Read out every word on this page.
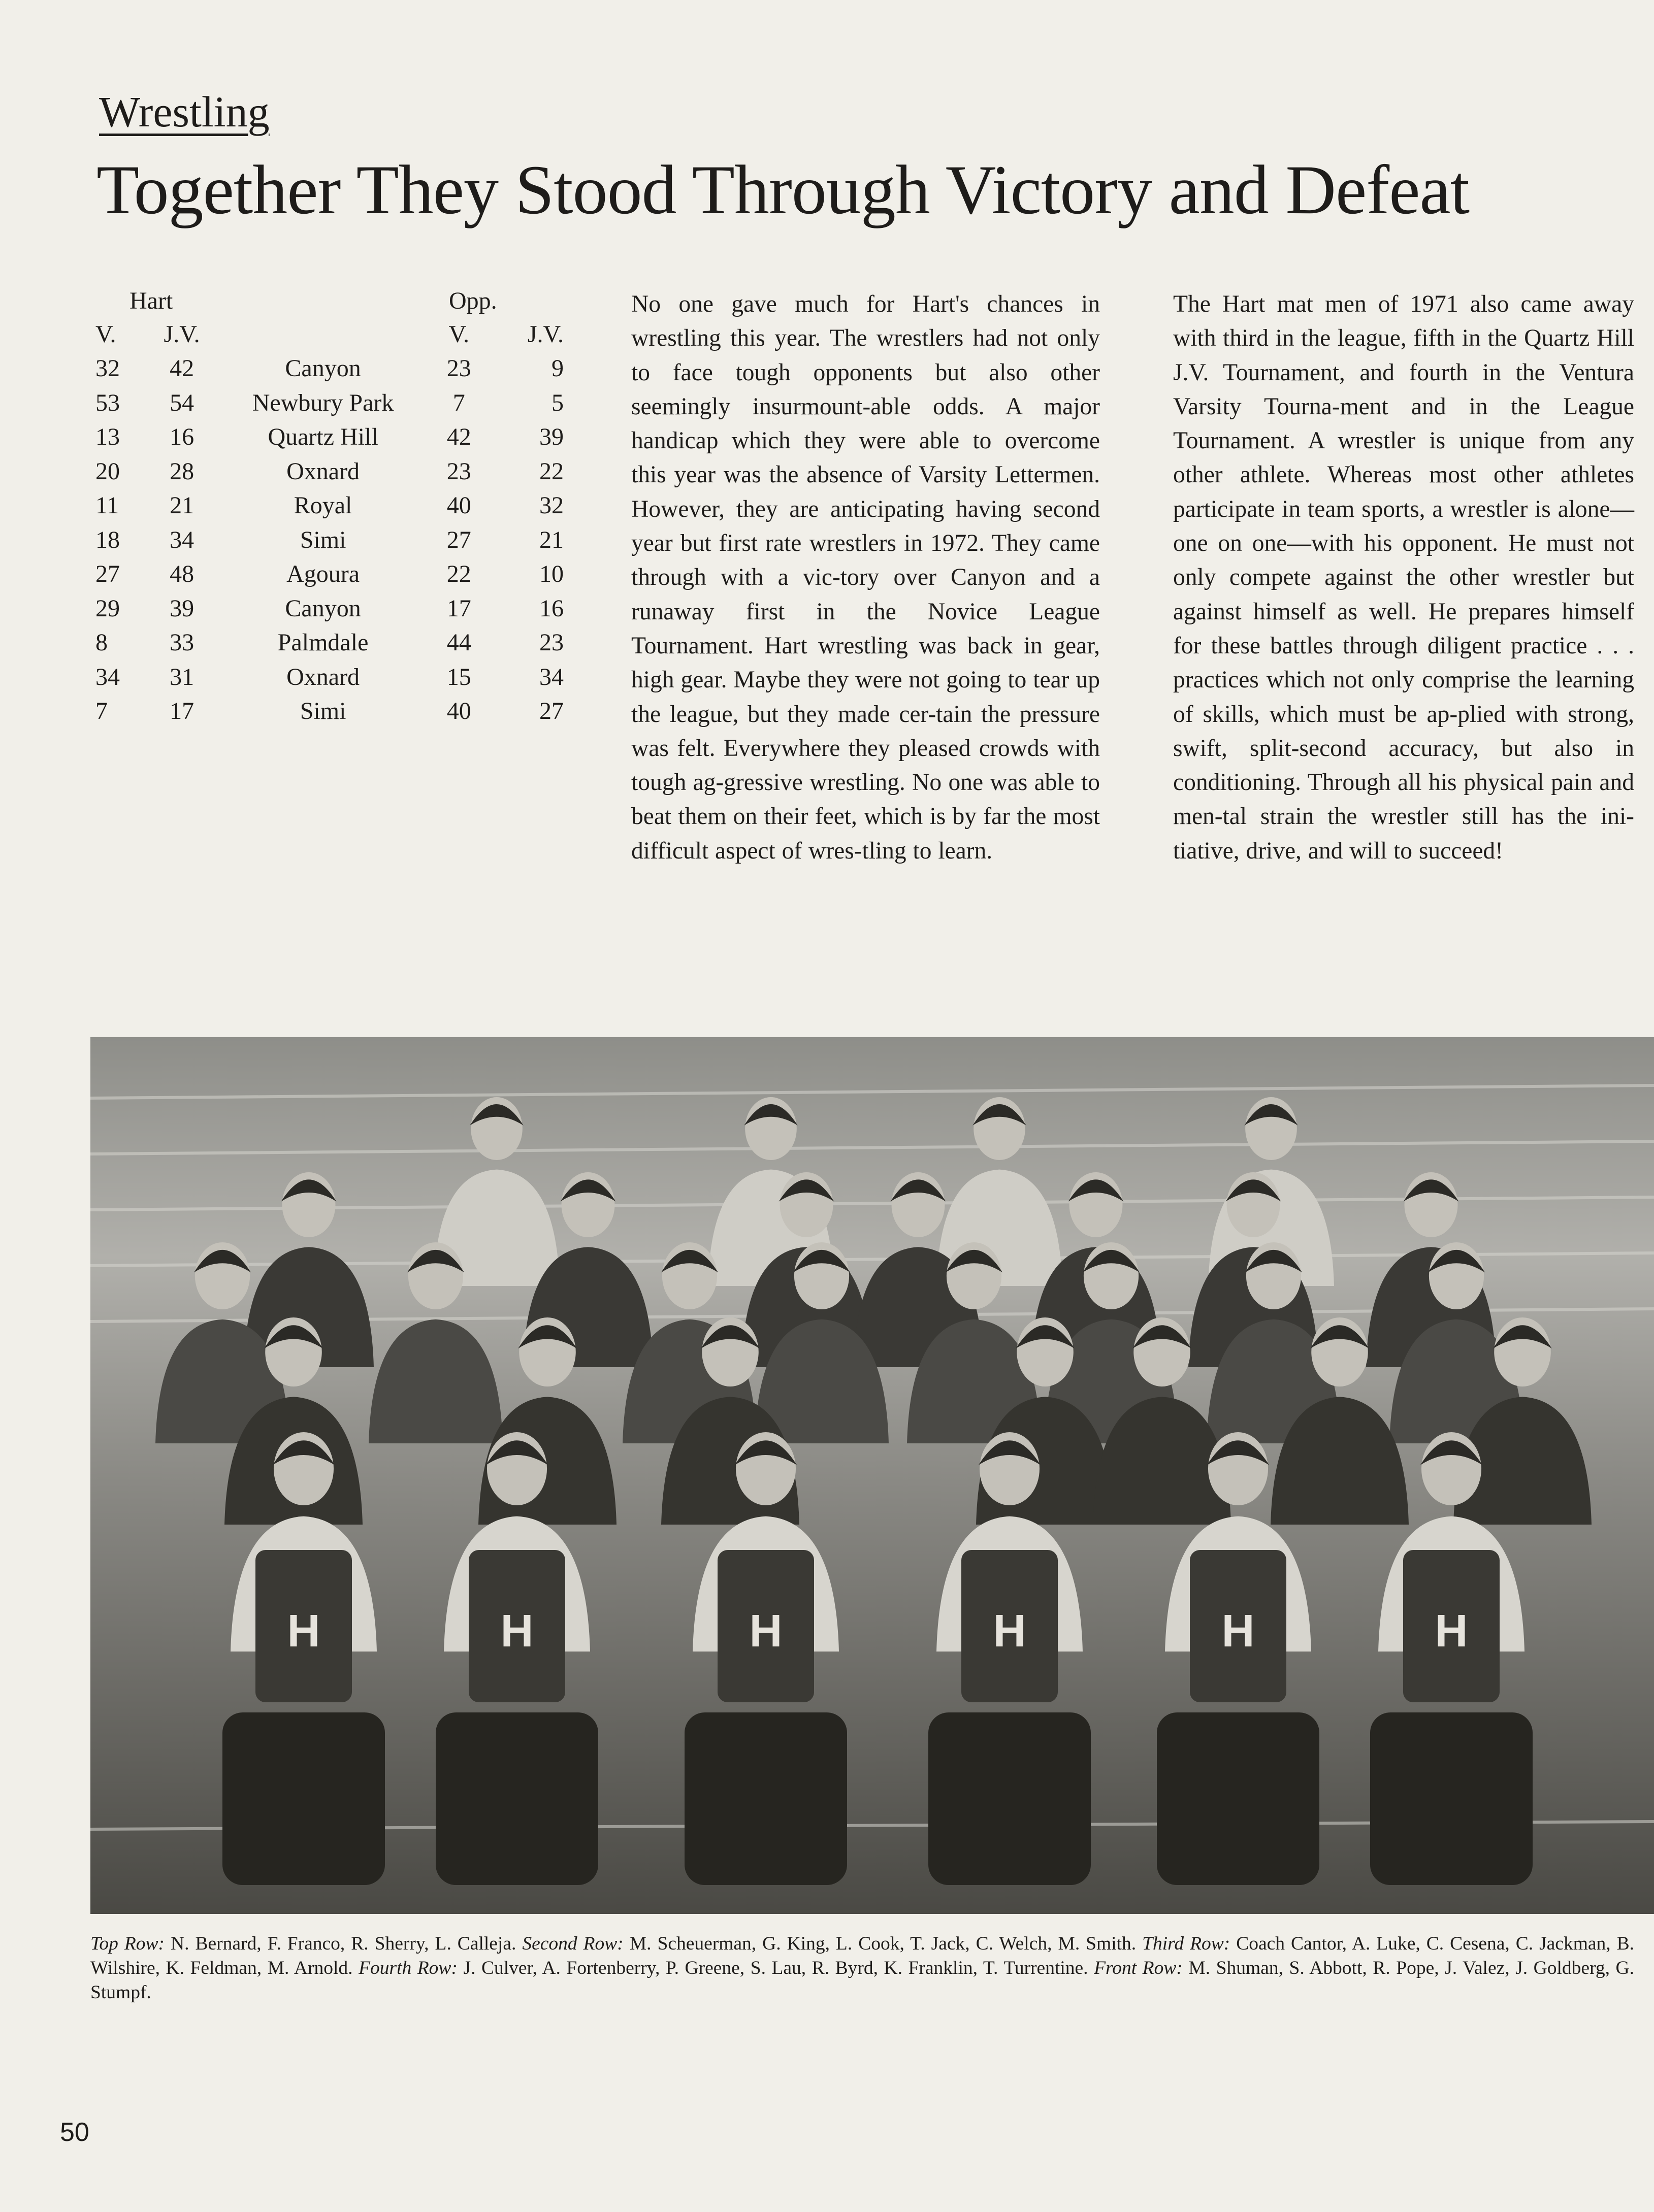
Wrestling
Together They Stood Through Victory and Defeat
Hart			Opp.	
V.	J.V.		V.	J.V.
32	42	Canyon	23	9
53	54	Newbury Park	7	5
13	16	Quartz Hill	42	39
20	28	Oxnard	23	22
11	21	Royal	40	32
18	34	Simi	27	21
27	48	Agoura	22	10
29	39	Canyon	17	16
8	33	Palmdale	44	23
34	31	Oxnard	15	34
7	17	Simi	40	27
No one gave much for Hart's chances in wrestling this year. The wrestlers had not only to face tough opponents but also other seemingly insurmount-able odds. A major handicap which they were able to overcome this year was the absence of Varsity Lettermen. However, they are anticipating having second year but first rate wrestlers in 1972. They came through with a vic-tory over Canyon and a runaway first in the Novice League Tournament. Hart wrestling was back in gear, high gear. Maybe they were not going to tear up the league, but they made cer-tain the pressure was felt. Everywhere they pleased crowds with tough ag-gressive wrestling. No one was able to beat them on their feet, which is by far the most difficult aspect of wres-tling to learn.
The Hart mat men of 1971 also came away with third in the league, fifth in the Quartz Hill J.V. Tournament, and fourth in the Ventura Varsity Tourna-ment and in the League Tournament. A wrestler is unique from any other athlete. Whereas most other athletes participate in team sports, a wrestler is alone—one on one—with his opponent. He must not only compete against the other wrestler but against himself as well. He prepares himself for these battles through diligent practice . . . practices which not only comprise the learning of skills, which must be ap-plied with strong, swift, split-second accuracy, but also in conditioning. Through all his physical pain and men-tal strain the wrestler still has the ini-tiative, drive, and will to succeed!
H	H	H	H	H	H
Top Row: N. Bernard, F. Franco, R. Sherry, L. Calleja. Second Row: M. Scheuerman, G. King, L. Cook, T. Jack, C. Welch, M. Smith. Third Row: Coach Cantor, A. Luke, C. Cesena, C. Jackman, B. Wilshire, K. Feldman, M. Arnold. Fourth Row: J. Culver, A. Fortenberry, P. Greene, S. Lau, R. Byrd, K. Franklin, T. Turrentine. Front Row: M. Shuman, S. Abbott, R. Pope, J. Valez, J. Goldberg, G. Stumpf.
50
